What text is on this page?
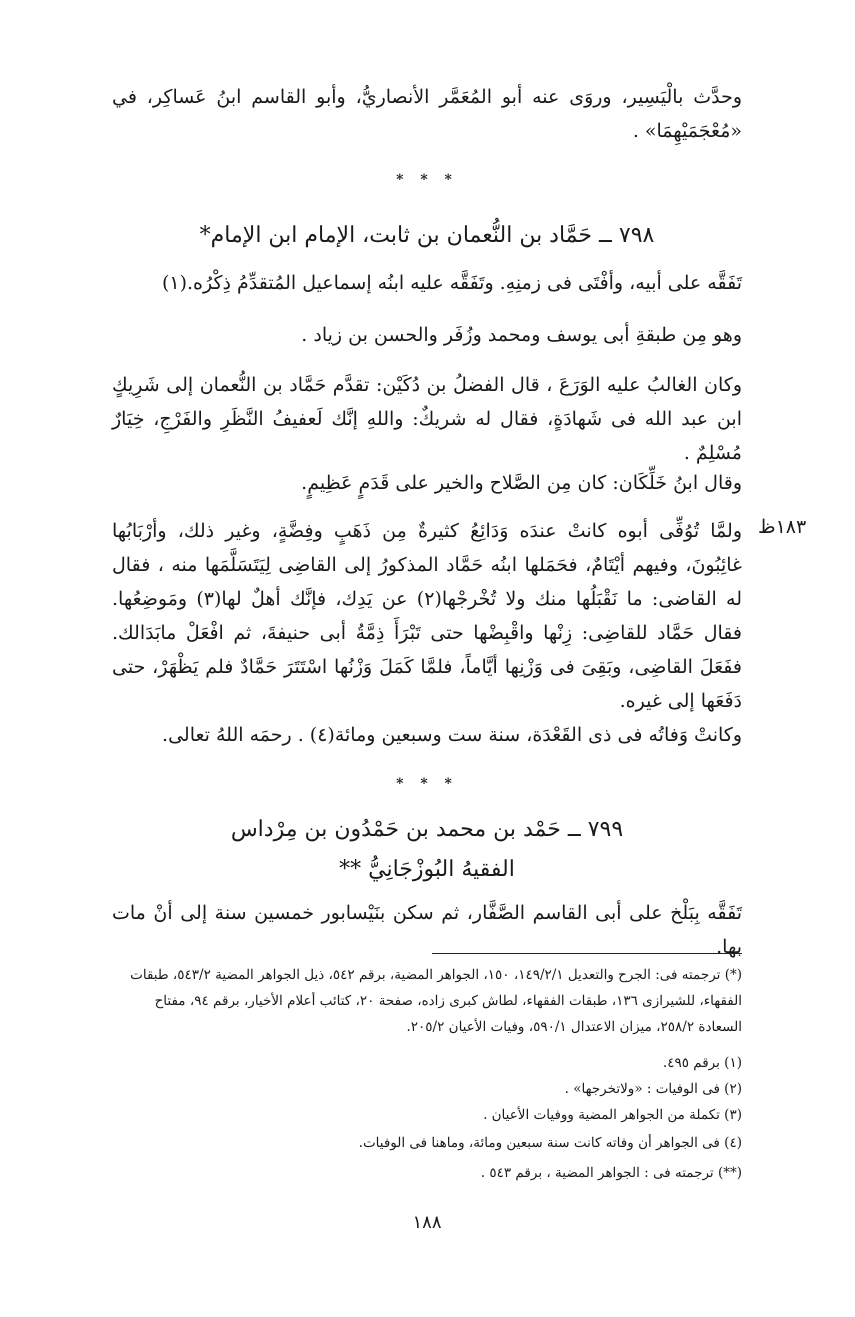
وحدَّث بالْيَسِير، وروَى عنه أبو المُعَمَّر الأنصاريُّ، وأبو القاسم ابنُ عَساكِر، في «مُعْجَمَيْهِمَا» .
* * *
٧٩٨ ــ حَمَّاد بن النُّعمان بن ثابت، الإمام ابن الإمام*
تَفَقَّه على أبيه، وأفْتَى فى زمنِهِ. وتَفَقَّه عليه ابنُه إسماعيل المُتقدِّمُ ذِكْرُه.(١)
وهو مِن طبقةِ أبى يوسف ومحمد وزُفَر والحسن بن زياد .
وكان الغالبُ عليه الوَرَعَ ، قال الفضلُ بن دُكَيْن: تقدَّم حَمَّاد بن النُّعمان إلى شَرِيكٍ ابن عبد الله فى شَهادَةٍ، فقال له شريكٌ: واللهِ إنَّك لَعفيفُ النَّظَرِ والفَرْجِ، خِيَارٌ مُسْلِمٌ .
وقال ابنُ خَلِّكَان: كان مِن الصَّلاح والخير على قَدَمٍ عَظِيمٍ.
١٨٣ظ
ولمَّا تُوُفِّى أبوه كانتْ عندَه وَدَائِعُ كثيرةٌ مِن ذَهَبٍ وفِضَّةٍ، وغير ذلك، وأرْبَابُها غائِبُونَ، وفيهم أيْتَامٌ، فحَمَلها ابنُه حَمَّاد المذكورُ إلى القاضِى لِيَتَسَلَّمَها منه ، فقال له القاضى: ما نَقْبَلُها منك ولا تُخْرجْها(٢) عن يَدِك، فإنَّك أهلٌ لها(٣) ومَوضِعُها. فقال حَمَّاد للقاضِى: زِنْها واقْبِضْها حتى تَبْرَأَ ذِمَّةُ أبى حنيفةَ، ثم افْعَلْ مابَدَالك. ففَعَلَ القاضِى، وبَقِىَ فى وَزْنِها أيَّاماً، فلمَّا كَمَلَ وَزْنُها اسْتَتَرَ حَمَّادٌ فلم يَظْهَرْ، حتى دَفَعَها إلى غيره.
وكانتْ وَفاتُه فى ذى القَعْدَة، سنة ست وسبعين ومائة(٤) . رحمَه اللهُ تعالى.
* * *
٧٩٩ ــ حَمْد بن محمد بن حَمْدُون بن مِرْداس
الفقيهُ البُوزْجَانِيُّ **
تَفَقَّه بِبَلْخ على أبى القاسم الصَّفَّار، ثم سكن بنَيْسابور خمسين سنة إلى أنْ مات بها.
(*) ترجمته فى: الجرح والتعديل ١٤٩/٢/١، ١٥٠، الجواهر المضية، برقم ٥٤٢، ذيل الجواهر المضية ٥٤٣/٢، طبقات الفقهاء، للشيرازى ١٣٦، طبقات الفقهاء، لطاش كبرى زاده، صفحة ٢٠، كتائب أعلام الأخيار، برقم ٩٤، مفتاح السعادة ٢٥٨/٢، ميزان الاعتدال ٥٩٠/١، وفيات الأعيان ٢٠٥/٢.
(١) برقم ٤٩٥.
(٢) فى الوفيات : «ولاتخرجها» .
(٣) تكملة من الجواهر المضية ووفيات الأعيان .
(٤) فى الجواهر أن وفاته كانت سنة سبعين ومائة، وماهنا فى الوفيات.
(**) ترجمته فى : الجواهر المضية ، برقم ٥٤٣ .
١٨٨
